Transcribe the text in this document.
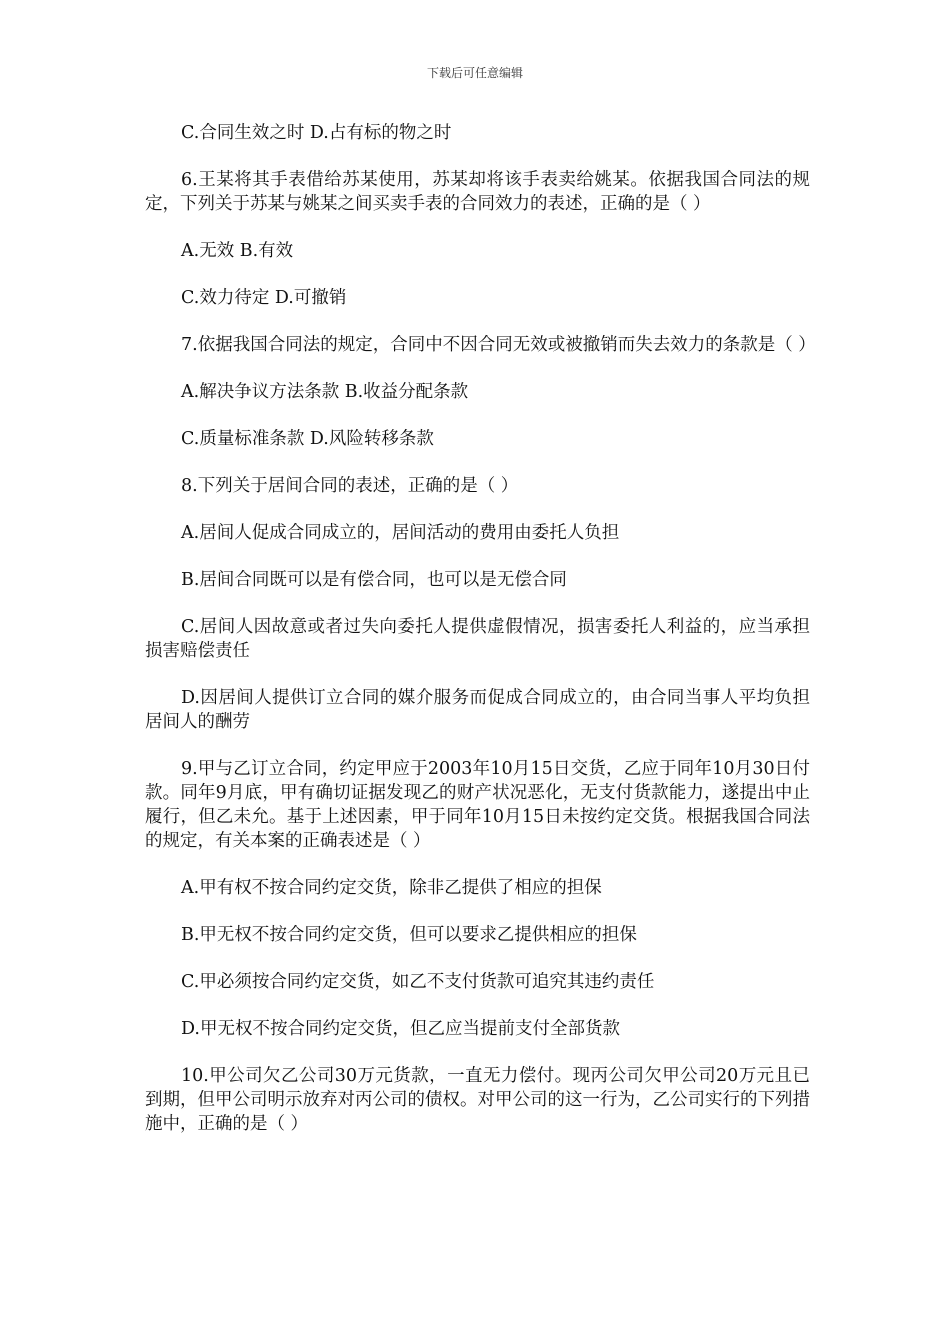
下载后可任意编辑

C.合同生效之时 D.占有标的物之时

6.王某将其手表借给苏某使用，苏某却将该手表卖给姚某。依据我国合同法的规定，下列关于苏某与姚某之间买卖手表的合同效力的表述，正确的是（ ）

A.无效 B.有效

C.效力待定 D.可撤销

7.依据我国合同法的规定，合同中不因合同无效或被撤销而失去效力的条款是（ ）

A.解决争议方法条款 B.收益分配条款

C.质量标准条款 D.风险转移条款

8.下列关于居间合同的表述，正确的是（ ）

A.居间人促成合同成立的，居间活动的费用由委托人负担

B.居间合同既可以是有偿合同，也可以是无偿合同

C.居间人因故意或者过失向委托人提供虚假情况，损害委托人利益的，应当承担损害赔偿责任

D.因居间人提供订立合同的媒介服务而促成合同成立的，由合同当事人平均负担居间人的酬劳

9.甲与乙订立合同，约定甲应于2003年10月15日交货，乙应于同年10月30日付款。同年9月底，甲有确切证据发现乙的财产状况恶化，无支付货款能力，遂提出中止履行，但乙未允。基于上述因素，甲于同年10月15日未按约定交货。根据我国合同法的规定，有关本案的正确表述是（ ）

A.甲有权不按合同约定交货，除非乙提供了相应的担保

B.甲无权不按合同约定交货，但可以要求乙提供相应的担保

C.甲必须按合同约定交货，如乙不支付货款可追究其违约责任

D.甲无权不按合同约定交货，但乙应当提前支付全部货款

10.甲公司欠乙公司30万元货款，一直无力偿付。现丙公司欠甲公司20万元且已到期，但甲公司明示放弃对丙公司的债权。对甲公司的这一行为，乙公司实行的下列措施中，正确的是（ ）
